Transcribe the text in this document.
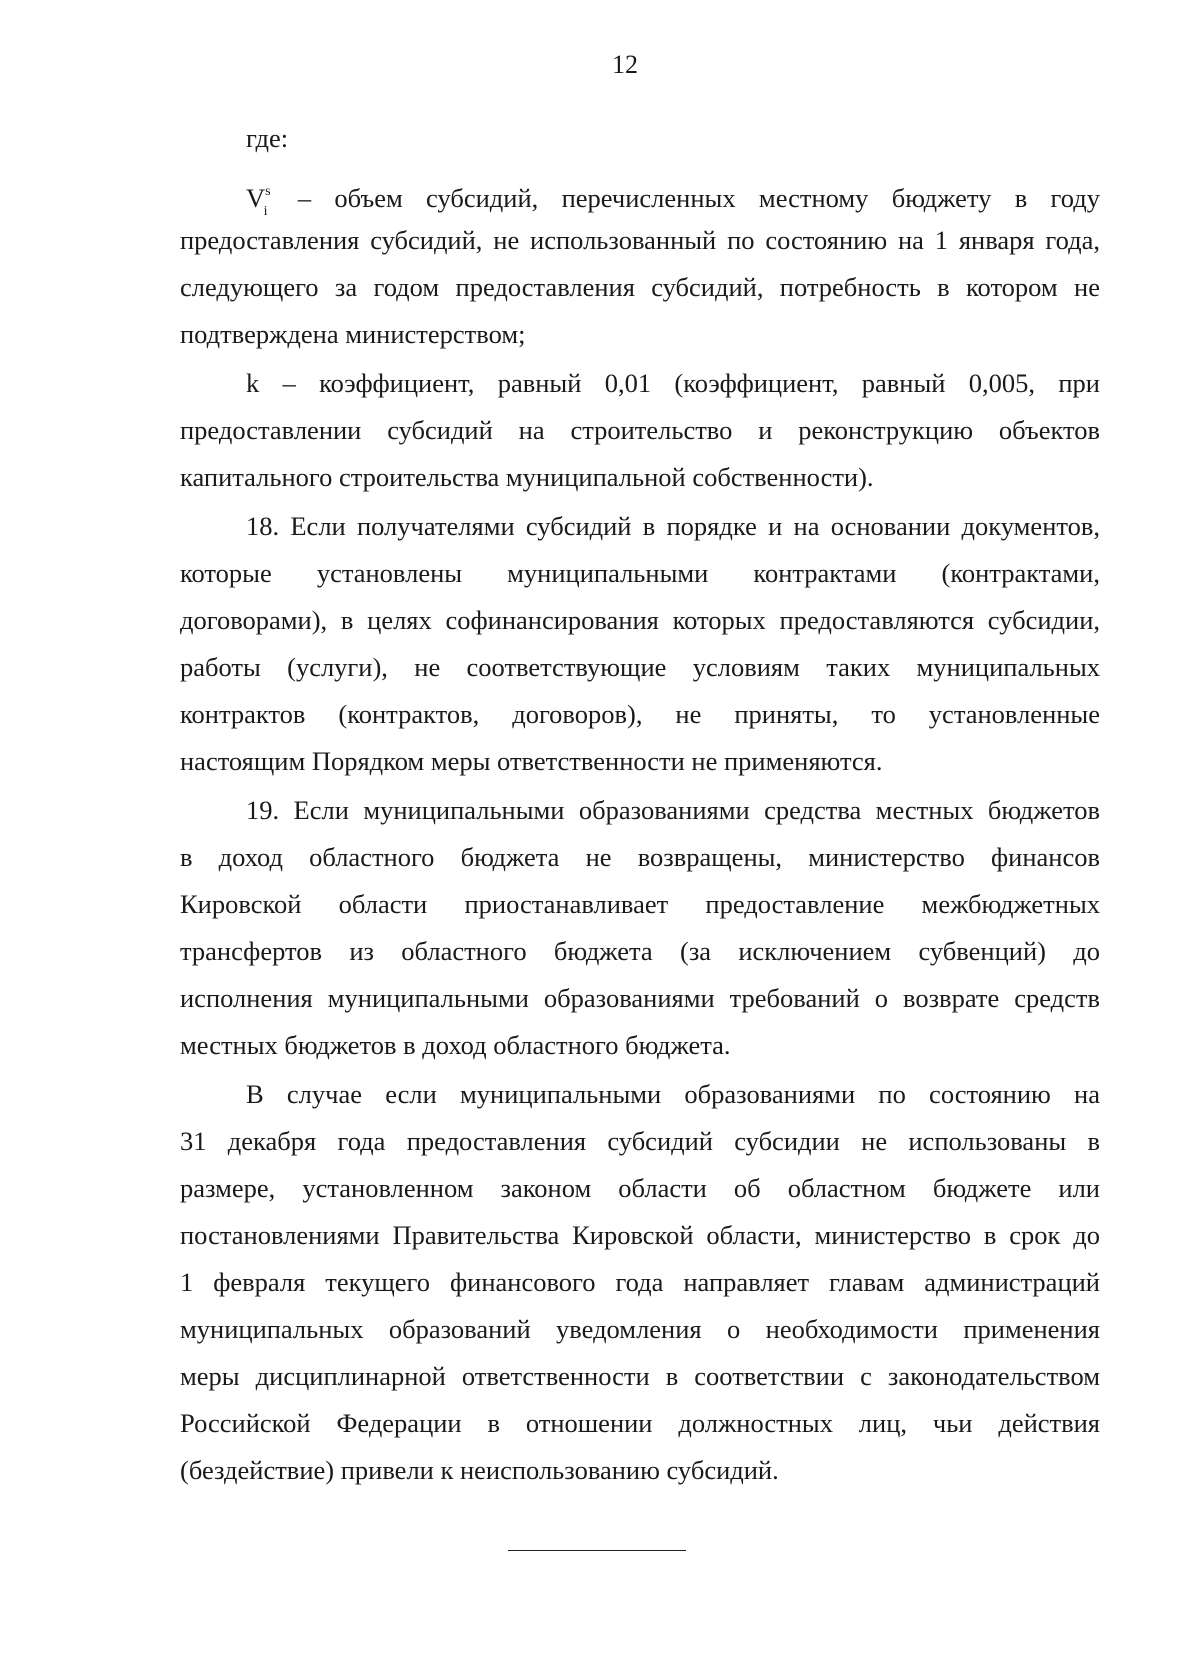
12
где:
$V^s_i$ – объем субсидий, перечисленных местному бюджету в году
предоставления субсидий, не использованный по состоянию на 1 января года,
следующего за годом предоставления субсидий, потребность в котором не
подтверждена министерством;
k – коэффициент, равный 0,01 (коэффициент, равный 0,005, при
предоставлении субсидий на строительство и реконструкцию объектов
капитального строительства муниципальной собственности).
18. Если получателями субсидий в порядке и на основании документов,
которые установлены муниципальными контрактами (контрактами,
договорами), в целях софинансирования которых предоставляются субсидии,
работы (услуги), не соответствующие условиям таких муниципальных
контрактов (контрактов, договоров), не приняты, то установленные
настоящим Порядком меры ответственности не применяются.
19. Если муниципальными образованиями средства местных бюджетов
в доход областного бюджета не возвращены, министерство финансов
Кировской области приостанавливает предоставление межбюджетных
трансфертов из областного бюджета (за исключением субвенций) до
исполнения муниципальными образованиями требований о возврате средств
местных бюджетов в доход областного бюджета.
В случае если муниципальными образованиями по состоянию на
31 декабря года предоставления субсидий субсидии не использованы в
размере, установленном законом области об областном бюджете или
постановлениями Правительства Кировской области, министерство в срок до
1 февраля текущего финансового года направляет главам администраций
муниципальных образований уведомления о необходимости применения
меры дисциплинарной ответственности в соответствии с законодательством
Российской Федерации в отношении должностных лиц, чьи действия
(бездействие) привели к неиспользованию субсидий.
